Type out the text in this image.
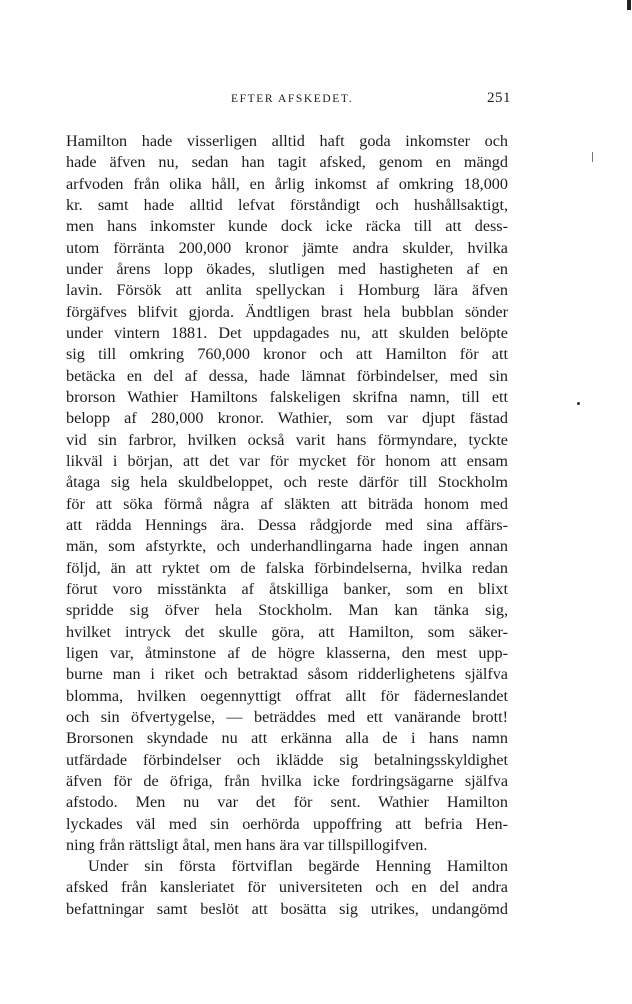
EFTER AFSKEDET.	251
Hamilton hade visserligen alltid haft goda inkomster och
hade äfven nu, sedan han tagit afsked, genom en mängd
arfvoden från olika håll, en årlig inkomst af omkring 18,000
kr. samt hade alltid lefvat förståndigt och hushållsaktigt,
men hans inkomster kunde dock icke räcka till att dess-
utom förränta 200,000 kronor jämte andra skulder, hvilka
under årens lopp ökades, slutligen med hastigheten af en
lavin. Försök att anlita spellyckan i Homburg lära äfven
förgäfves blifvit gjorda. Ändtligen brast hela bubblan sönder
under vintern 1881. Det uppdagades nu, att skulden belöpte
sig till omkring 760,000 kronor och att Hamilton för att
betäcka en del af dessa, hade lämnat förbindelser, med sin
brorson Wathier Hamiltons falskeligen skrifna namn, till ett
belopp af 280,000 kronor. Wathier, som var djupt fästad
vid sin farbror, hvilken också varit hans förmyndare, tyckte
likväl i början, att det var för mycket för honom att ensam
åtaga sig hela skuldbeloppet, och reste därför till Stockholm
för att söka förmå några af släkten att biträda honom med
att rädda Hennings ära. Dessa rådgjorde med sina affärs-
män, som afstyrkte, och underhandlingarna hade ingen annan
följd, än att ryktet om de falska förbindelserna, hvilka redan
förut voro misstänkta af åtskilliga banker, som en blixt
spridde sig öfver hela Stockholm. Man kan tänka sig,
hvilket intryck det skulle göra, att Hamilton, som säker-
ligen var, åtminstone af de högre klasserna, den mest upp-
burne man i riket och betraktad såsom ridderlighetens själfva
blomma, hvilken oegennyttigt offrat allt för fäderneslandet
och sin öfvertygelse, — beträddes med ett vanärande brott!
Brorsonen skyndade nu att erkänna alla de i hans namn
utfärdade förbindelser och iklädde sig betalningsskyldighet
äfven för de öfriga, från hvilka icke fordringsägarne själfva
afstodo. Men nu var det för sent. Wathier Hamilton
lyckades väl med sin oerhörda uppoffring att befria Hen-
ning från rättsligt åtal, men hans ära var tillspillogifven.
Under sin första förtviflan begärde Henning Hamilton
afsked från kansleriatet för universiteten och en del andra
befattningar samt beslöt att bosätta sig utrikes, undangömd
